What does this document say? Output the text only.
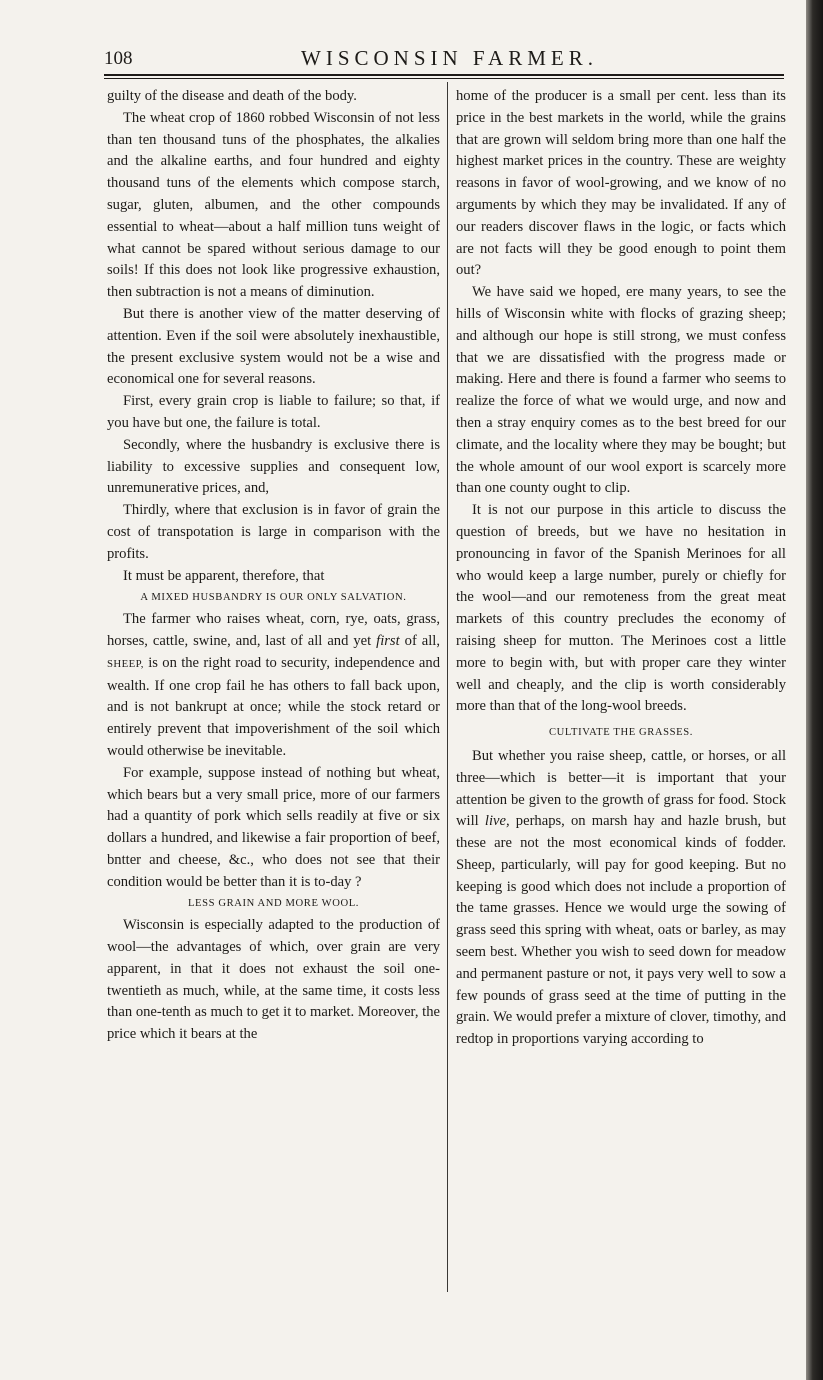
108	WISCONSIN FARMER.

guilty of the disease and death of the body.

The wheat crop of 1860 robbed Wisconsin of not less than ten thousand tuns of the phosphates, the alkalies and the alkaline earths, and four hundred and eighty thousand tuns of the elements which compose starch, sugar, gluten, albumen, and the other compounds essential to wheat—about a half million tuns weight of what cannot be spared without serious damage to our soils! If this does not look like progressive exhaustion, then subtraction is not a means of diminution.

But there is another view of the matter deserving of attention. Even if the soil were absolutely inexhaustible, the present exclusive system would not be a wise and economical one for several reasons.

First, every grain crop is liable to failure; so that, if you have but one, the failure is total.

Secondly, where the husbandry is exclusive there is liability to excessive supplies and consequent low, unremunerative prices, and,

Thirdly, where that exclusion is in favor of grain the cost of transpotation is large in comparison with the profits.

It must be apparent, therefore, that

A MIXED HUSBANDRY IS OUR ONLY SALVATION.

The farmer who raises wheat, corn, rye, oats, grass, horses, cattle, swine, and, last of all and yet first of all, SHEEP, is on the right road to security, independence and wealth. If one crop fail he has others to fall back upon, and is not bankrupt at once; while the stock retard or entirely prevent that impoverishment of the soil which would otherwise be inevitable.

For example, suppose instead of nothing but wheat, which bears but a very small price, more of our farmers had a quantity of pork which sells readily at five or six dollars a hundred, and likewise a fair proportion of beef, bntter and cheese, &c., who does not see that their condition would be better than it is to-day ?

LESS GRAIN AND MORE WOOL.

Wisconsin is especially adapted to the production of wool—the advantages of which, over grain are very apparent, in that it does not exhaust the soil one-twentieth as much, while, at the same time, it costs less than one-tenth as much to get it to market. Moreover, the price which it bears at the

home of the producer is a small per cent. less than its price in the best markets in the world, while the grains that are grown will seldom bring more than one half the highest market prices in the country. These are weighty reasons in favor of wool-growing, and we know of no arguments by which they may be invalidated. If any of our readers discover flaws in the logic, or facts which are not facts will they be good enough to point them out?

We have said we hoped, ere many years, to see the hills of Wisconsin white with flocks of grazing sheep; and although our hope is still strong, we must confess that we are dissatisfied with the progress made or making. Here and there is found a farmer who seems to realize the force of what we would urge, and now and then a stray enquiry comes as to the best breed for our climate, and the locality where they may be bought; but the whole amount of our wool export is scarcely more than one county ought to clip.

It is not our purpose in this article to discuss the question of breeds, but we have no hesitation in pronouncing in favor of the Spanish Merinoes for all who would keep a large number, purely or chiefly for the wool—and our remoteness from the great meat markets of this country precludes the economy of raising sheep for mutton. The Merinoes cost a little more to begin with, but with proper care they winter well and cheaply, and the clip is worth considerably more than that of the long-wool breeds.

CULTIVATE THE GRASSES.

But whether you raise sheep, cattle, or horses, or all three—which is better—it is important that your attention be given to the growth of grass for food. Stock will live, perhaps, on marsh hay and hazle brush, but these are not the most economical kinds of fodder. Sheep, particularly, will pay for good keeping. But no keeping is good which does not include a proportion of the tame grasses. Hence we would urge the sowing of grass seed this spring with wheat, oats or barley, as may seem best. Whether you wish to seed down for meadow and permanent pasture or not, it pays very well to sow a few pounds of grass seed at the time of putting in the grain. We would prefer a mixture of clover, timothy, and redtop in proportions varying according to
